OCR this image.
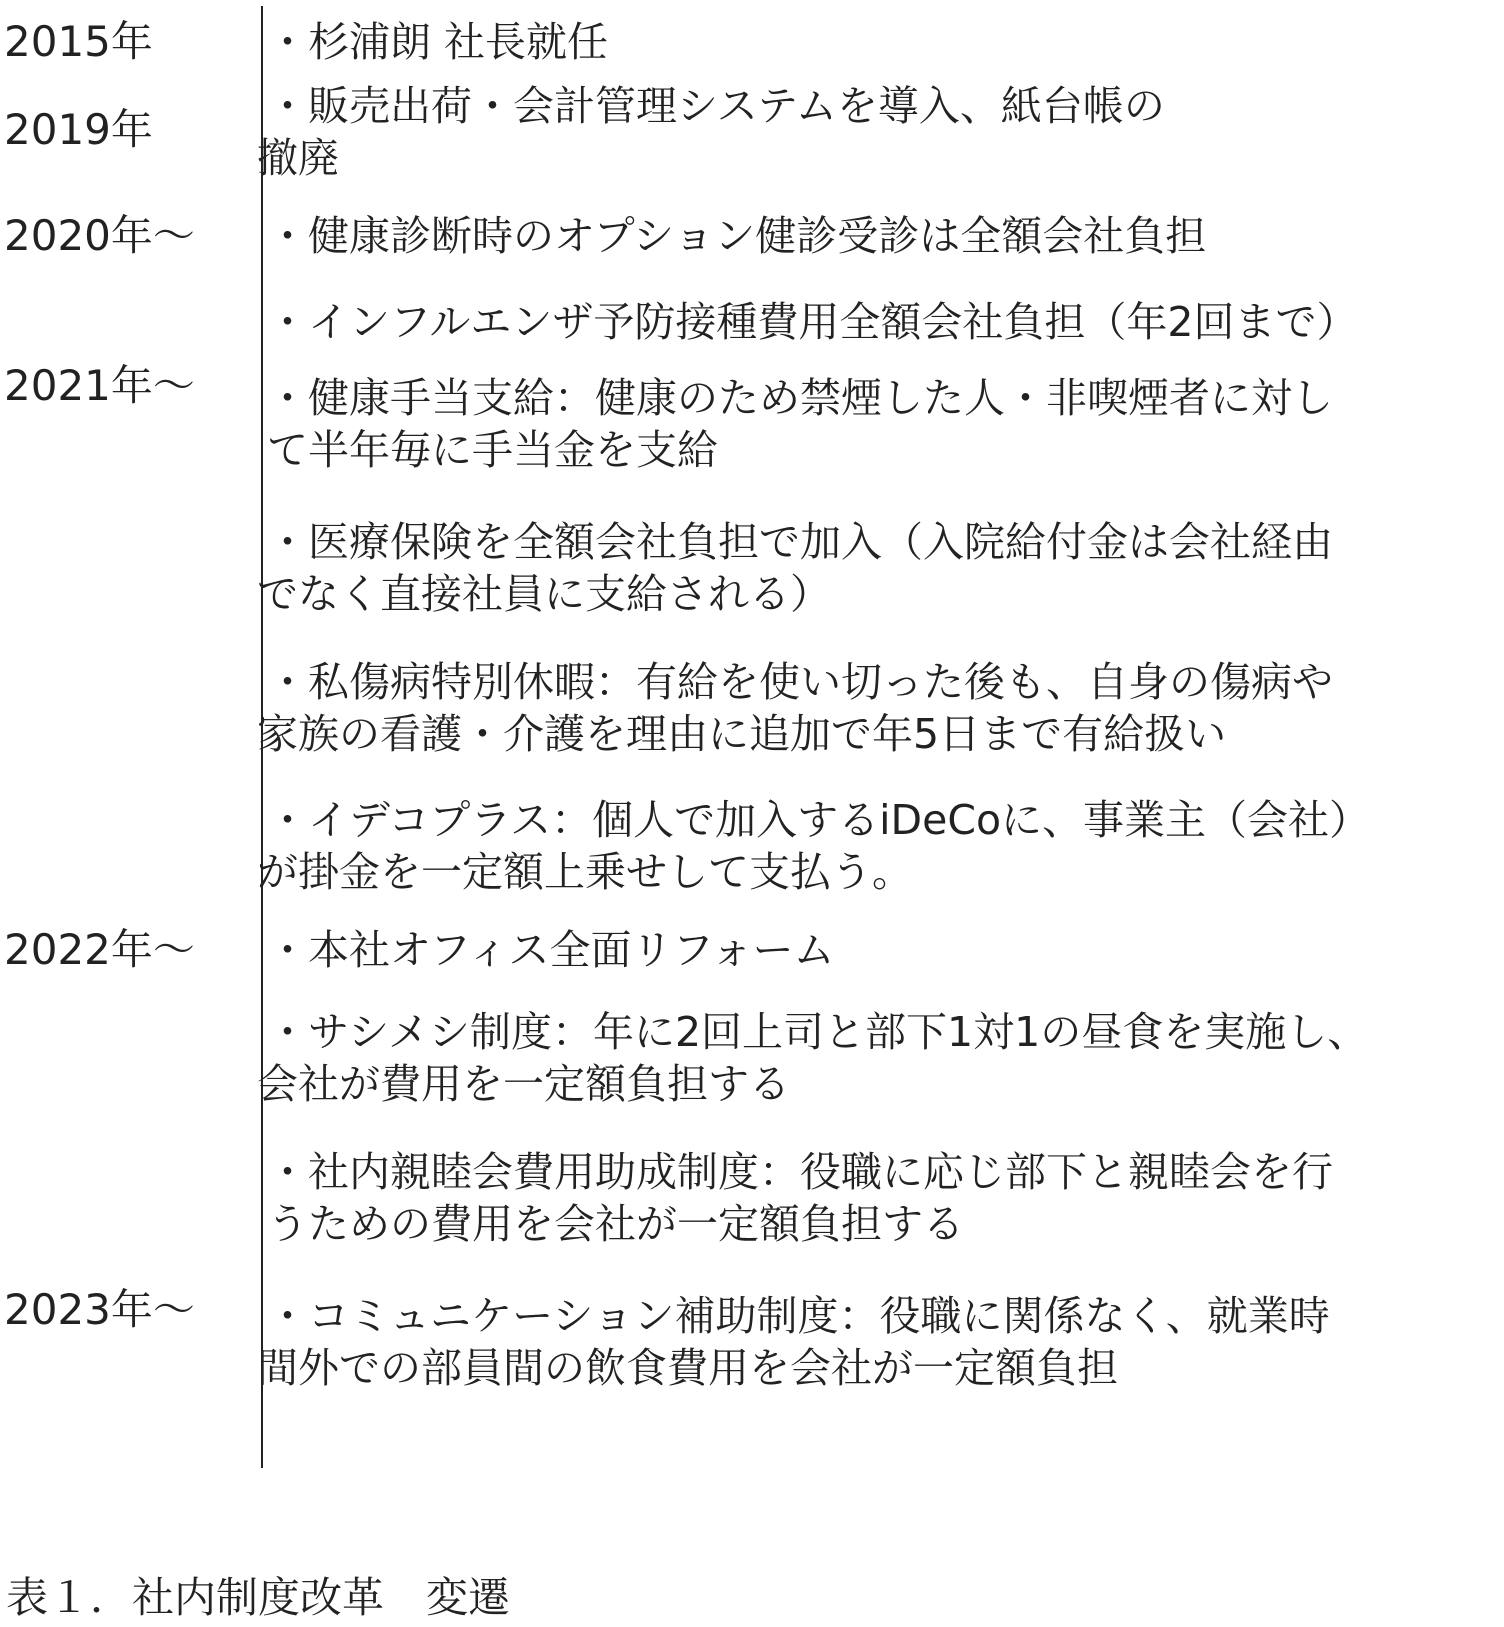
2015年
2019年
2020年〜
2021年〜
2022年〜
2023年〜
・杉浦朗 社長就任
・販売出荷・会計管理システムを導入、紙台帳の
撤廃
・健康診断時のオプション健診受診は全額会社負担
・インフルエンザ予防接種費用全額会社負担（年2回まで）
・健康手当支給：健康のため禁煙した人・非喫煙者に対し
て半年毎に手当金を支給
・医療保険を全額会社負担で加入（入院給付金は会社経由
でなく直接社員に支給される）
・私傷病特別休暇：有給を使い切った後も、自身の傷病や
家族の看護・介護を理由に追加で年5日まで有給扱い
・イデコプラス：個人で加入するiDeCoに、事業主（会社）
が掛金を一定額上乗せして支払う。
・本社オフィス全面リフォーム
・サシメシ制度：年に2回上司と部下1対1の昼食を実施し、
会社が費用を一定額負担する
・社内親睦会費用助成制度：役職に応じ部下と親睦会を行
うための費用を会社が一定額負担する
・コミュニケーション補助制度：役職に関係なく、就業時
間外での部員間の飲食費用を会社が一定額負担
表１．社内制度改革　変遷
